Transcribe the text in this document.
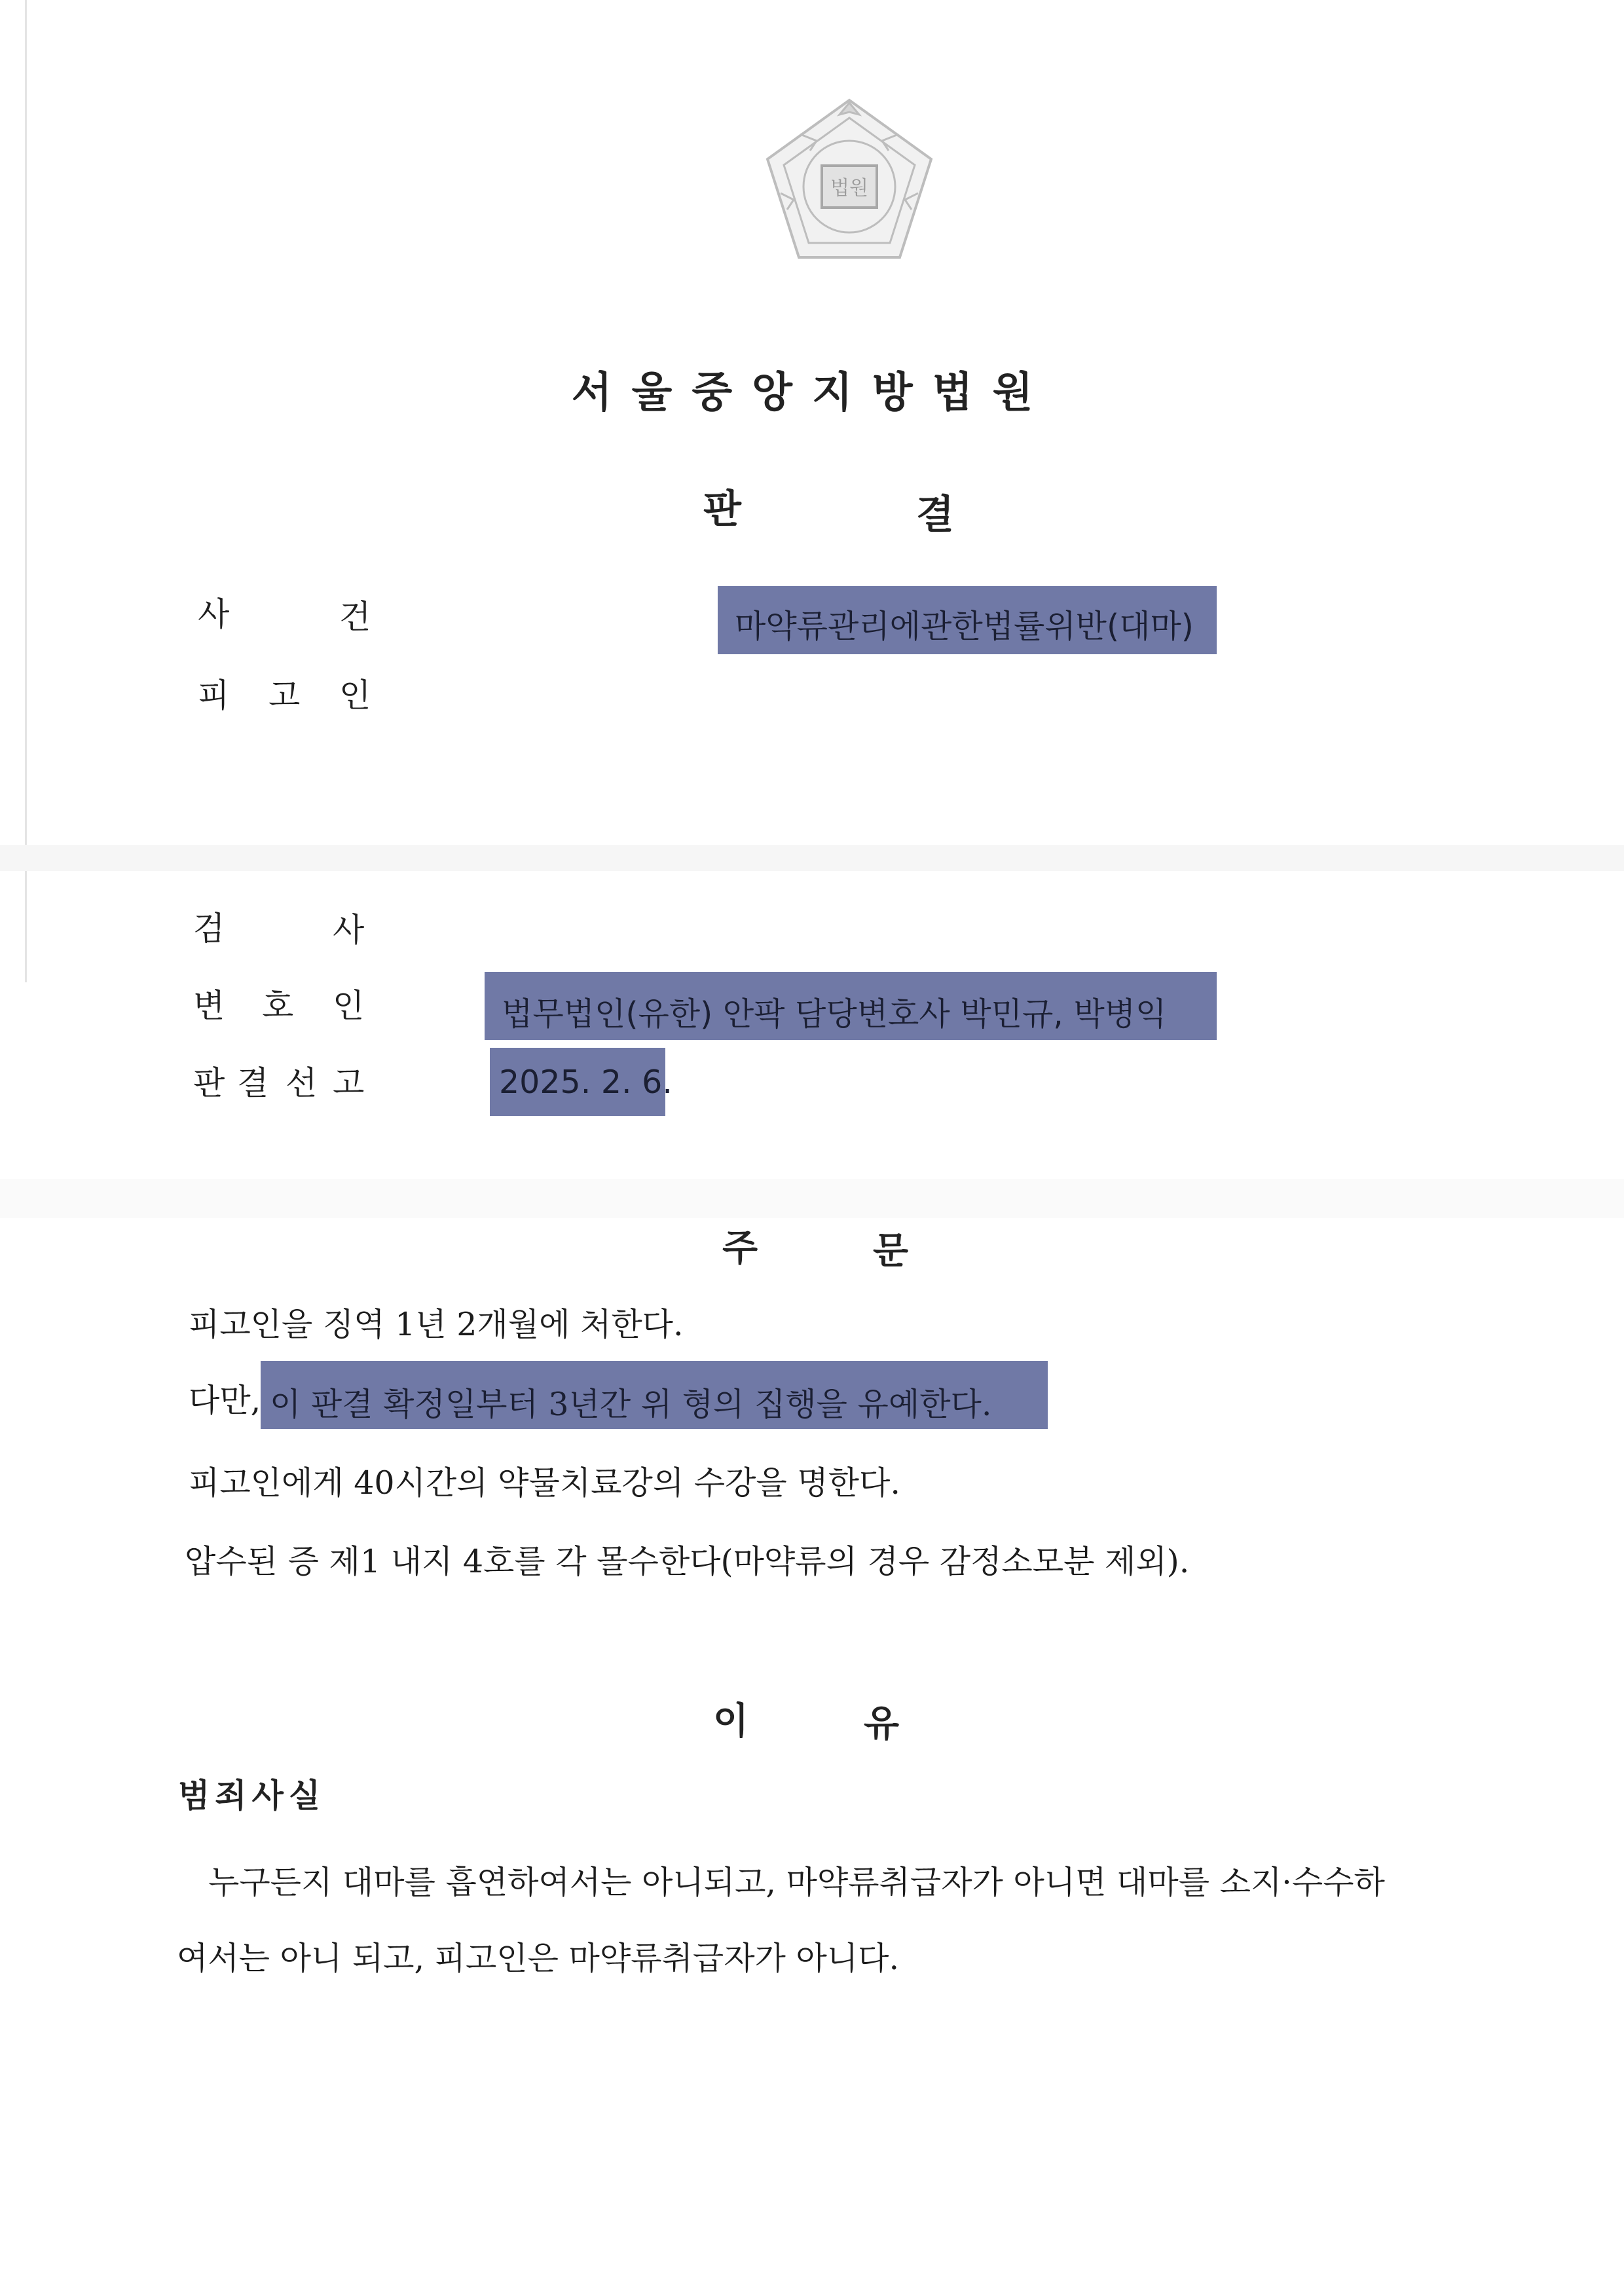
법원
서울중앙지방법원
판	결
사	건	마약류관리에관한법률위반(대마)
피 고 인
검	사
변 호 인	법무법인(유한) 안팍 담당변호사 박민규, 박병익
판 결 선 고	2025. 2. 6.
주	문
피고인을 징역 1년 2개월에 처한다.
다만, 이 판결 확정일부터 3년간 위 형의 집행을 유예한다.
피고인에게 40시간의 약물치료강의 수강을 명한다.
압수된 증 제1 내지 4호를 각 몰수한다(마약류의 경우 감정소모분 제외).
이	유
범죄사실
누구든지 대마를 흡연하여서는 아니되고, 마약류취급자가 아니면 대마를 소지·수수하
여서는 아니 되고, 피고인은 마약류취급자가 아니다.
